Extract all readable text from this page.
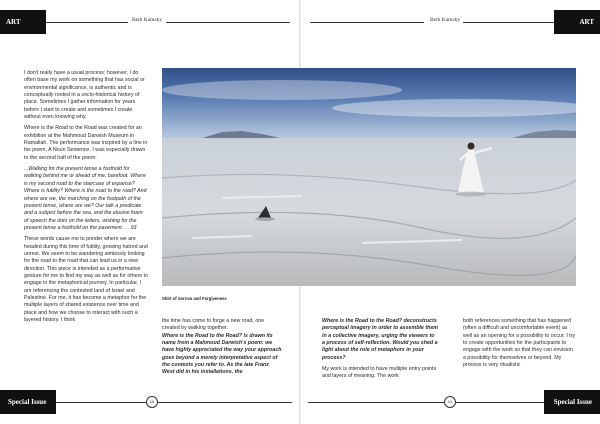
ART Badness
Beth Kamsky	Beth Kamsky	ART Badness

I don't really have a usual process; however, I do often base my work on something that has social or environmental significance, is authentic and is conceptually rooted in a socio-historical history of place. Sometimes I gather information for years before I start to create and sometimes I create without even knowing why.

Where is the Road to the Road was created for an exhibition at the Mahmoud Darwish Museum in Ramallah. The performance was inspired by a line in his poem, A Noun Sentence. I was especially drawn to the second half of the poem:

...Walking for the present tense a foothold for walking behind me or ahead of me, barefoot. Where is my second road to the staircase of expanse? Where is futility? Where is the road to the road? And where are we, the marching on the footpath of the present tense, where are we? Our talk a predicate and a subject before the sea, and the elusive foam of speech the dots on the letters, wishing for the present tense a foothold on the pavement. . . 93

These words cause me to ponder where we are headed during this time of futility, growing hatred and unrest. We seem to be wandering aimlessly looking for the road to the road that can lead us in a new direction. This piece is intended as a performative gesture for me to find my way as well as for others to engage in the metaphorical journey. In particular, I am referencing the contested land of Israel and Palestine. For me, it has become a metaphor for the multiple layers of shared existence over time and place and how we choose to interact with such a layered history. I think

Shirt of Sorrow and Forgiveness

the time has come to forge a new road, one created by walking together.

Where is the Road to the Road? is drawn its name from a Mahmoud Darwish's poem: we have highly appreciated the way your approach goes beyond a merely interpretative aspect of the contexts you refer to. As the late Franz West did in his installations, the

Where is the Road to the Road? deconstructs perceptual imagery in order to assemble them in a collective imagery, urging the viewers to a process of self-reflection. Would you shed a light about the role of metaphors in your process?

My work is intended to have multiple entry points and layers of meaning. The work

both references something that has happened (often a difficult and uncomfortable event) as well as an opening for a possibility to occur. I try to create opportunities for the participants to engage with the work so that they can envision a possibility for themselves or beyond. My process is very ritualistic

Special Issue	10	11	Special Issue
